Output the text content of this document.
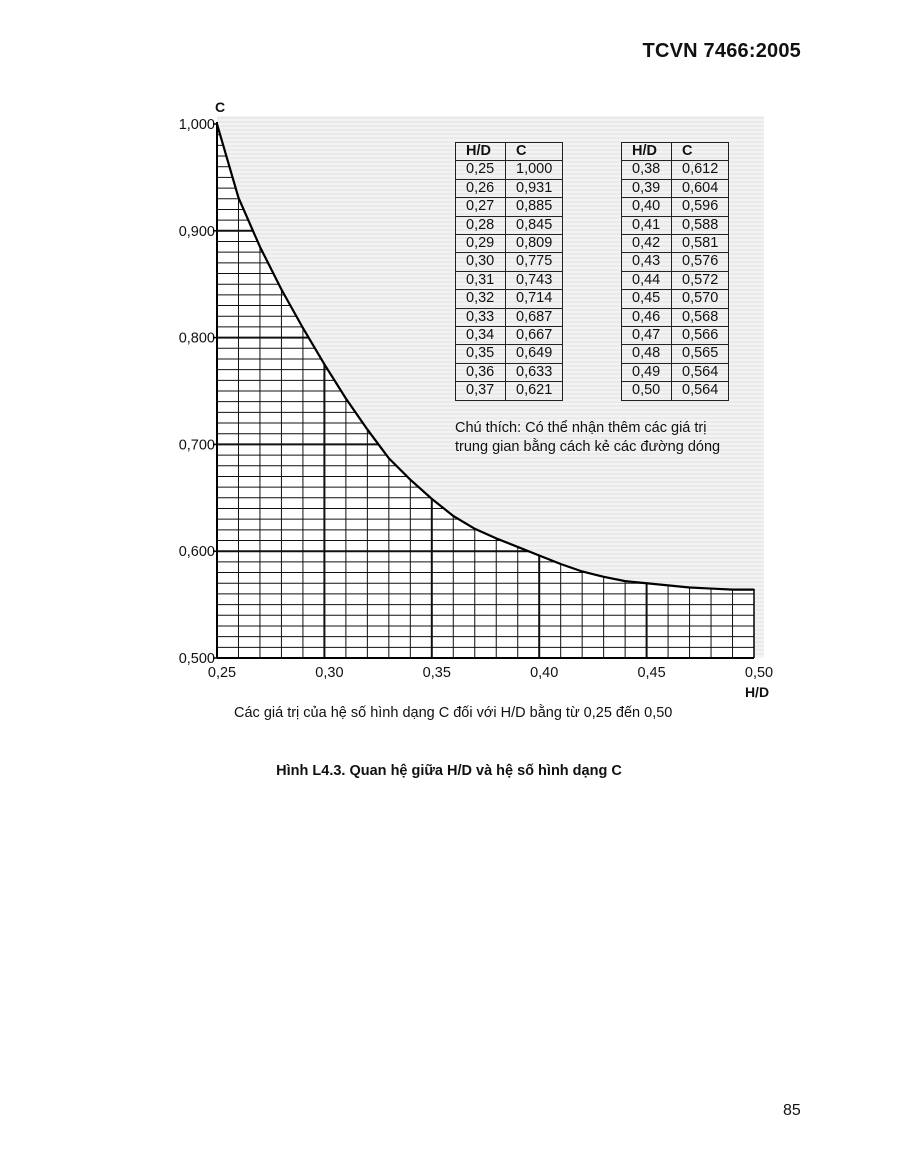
TCVN 7466:2005
0,500
0,600
0,700
0,800
0,900
1,000
0,25	0,30	0,35	0,40	0,45	0,50
C
H/D
H/D	C
0,25	1,000
0,26	0,931
0,27	0,885
0,28	0,845
0,29	0,809
0,30	0,775
0,31	0,743
0,32	0,714
0,33	0,687
0,34	0,667
0,35	0,649
0,36	0,633
0,37	0,621
H/D	C
0,38	0,612
0,39	0,604
0,40	0,596
0,41	0,588
0,42	0,581
0,43	0,576
0,44	0,572
0,45	0,570
0,46	0,568
0,47	0,566
0,48	0,565
0,49	0,564
0,50	0,564
Chú thích: Có thể nhận thêm các giá trị
trung gian bằng cách kẻ các đường dóng
Các giá trị của hệ số hình dạng C đối với H/D bằng từ 0,25 đến 0,50
Hình L4.3. Quan hệ giữa H/D và hệ số hình dạng C
85
